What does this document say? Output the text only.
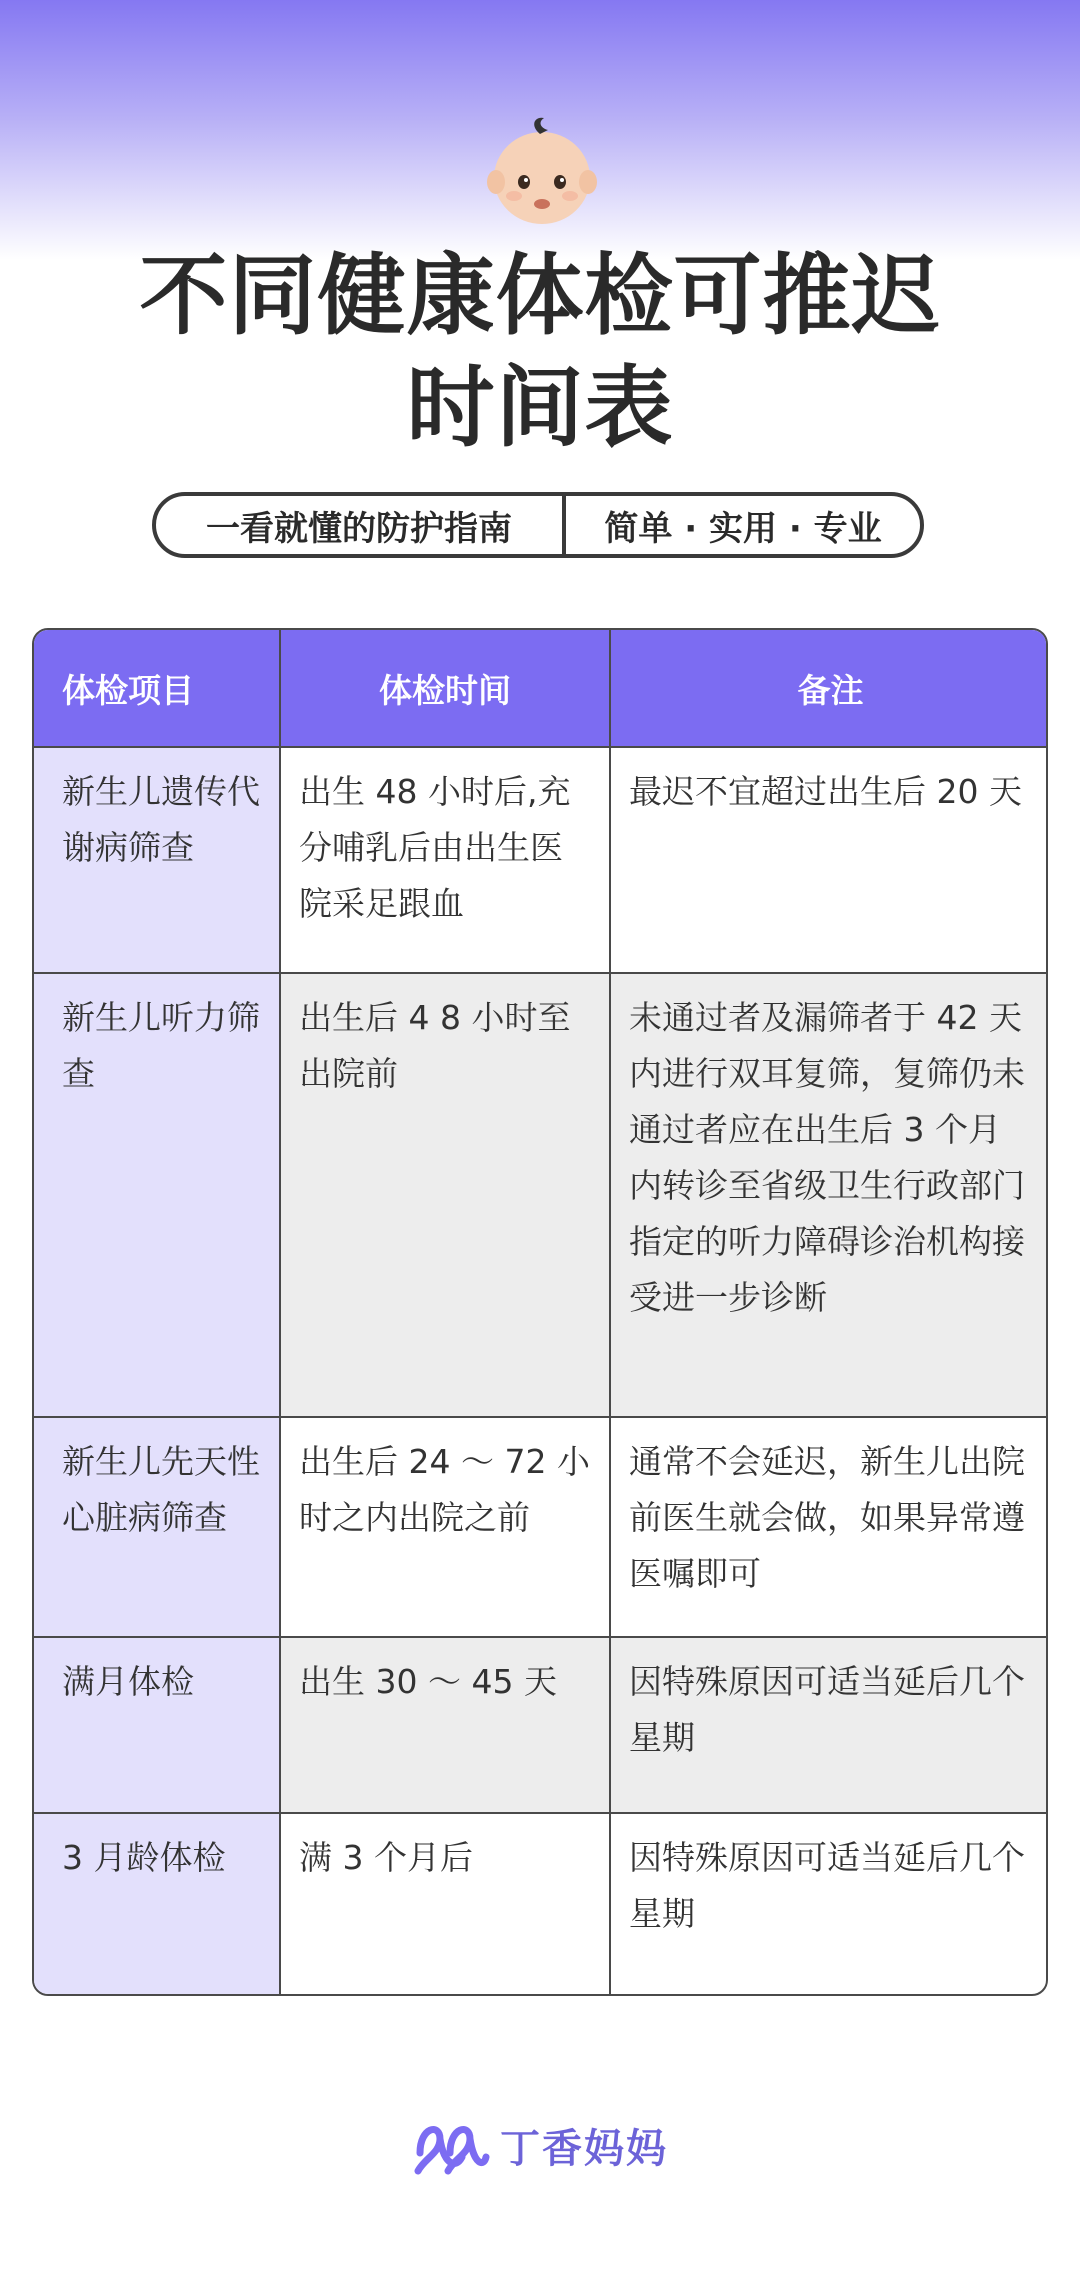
不同健康体检可推迟
时间表
一看就懂的防护指南	简单 · 实用 · 专业
体检项目	体检时间	备注
新生儿遗传代谢病筛查	出生 48 小时后,充分哺乳后由出生医院采足跟血	最迟不宜超过出生后 20 天
新生儿听力筛查	出生后 4 8 小时至出院前	未通过者及漏筛者于 42 天内进行双耳复筛，复筛仍未通过者应在出生后 3 个月内转诊至省级卫生行政部门指定的听力障碍诊治机构接受进一步诊断
新生儿先天性心脏病筛查	出生后 24 ～ 72 小时之内出院之前	通常不会延迟，新生儿出院前医生就会做，如果异常遵医嘱即可
满月体检	出生 30 ～ 45 天	因特殊原因可适当延后几个星期
3 月龄体检	满 3 个月后	因特殊原因可适当延后几个星期
丁香妈妈
